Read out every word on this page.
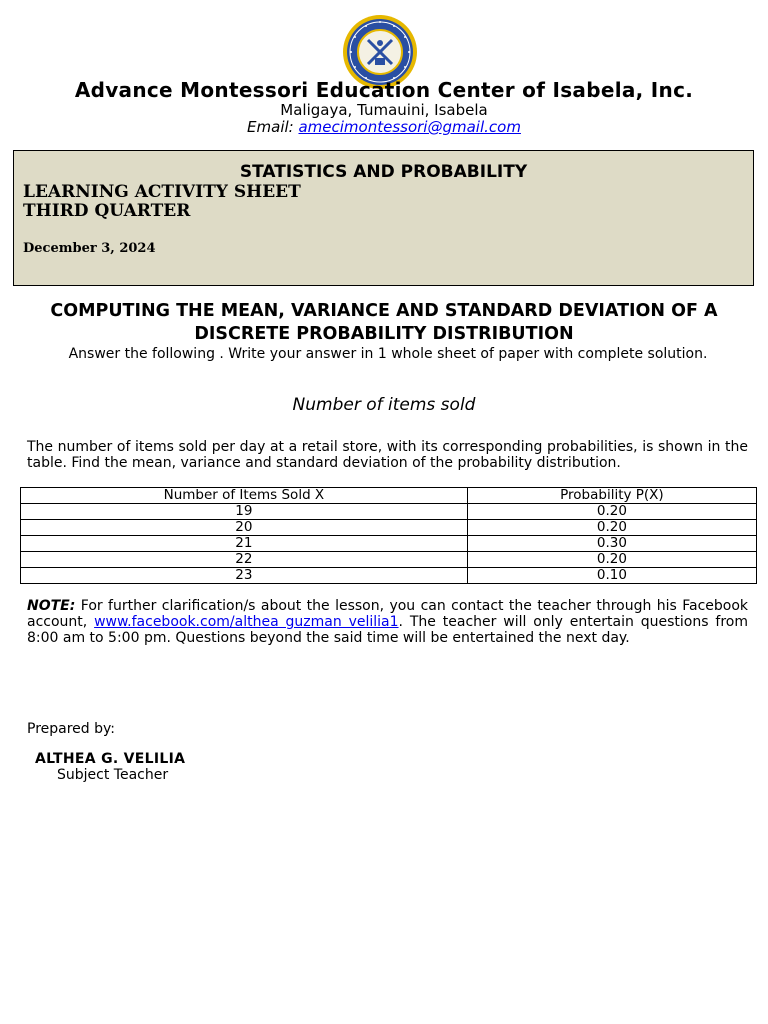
Advance Montessori Education Center of Isabela, Inc.
Maligaya, Tumauini, Isabela
Email: amecimontessori@gmail.com
STATISTICS AND PROBABILITY
LEARNING ACTIVITY SHEET
THIRD QUARTER
December 3, 2024
COMPUTING THE MEAN, VARIANCE AND STANDARD DEVIATION OF A DISCRETE PROBABILITY DISTRIBUTION
Answer the following . Write your answer in 1 whole sheet of paper with complete solution.
Number of items sold
The number of items sold per day at a retail store, with its corresponding probabilities, is shown in the table. Find the mean, variance and standard deviation of the probability distribution.
Number of Items Sold X	Probability P(X)
19	0.20
20	0.20
21	0.30
22	0.20
23	0.10
NOTE: For further clarification/s about the lesson, you can contact the teacher through his Facebook account, www.facebook.com/althea guzman velilia1. The teacher will only entertain questions from 8:00 am to 5:00 pm. Questions beyond the said time will be entertained the next day.
Prepared by:
ALTHEA G. VELILIA
Subject Teacher
